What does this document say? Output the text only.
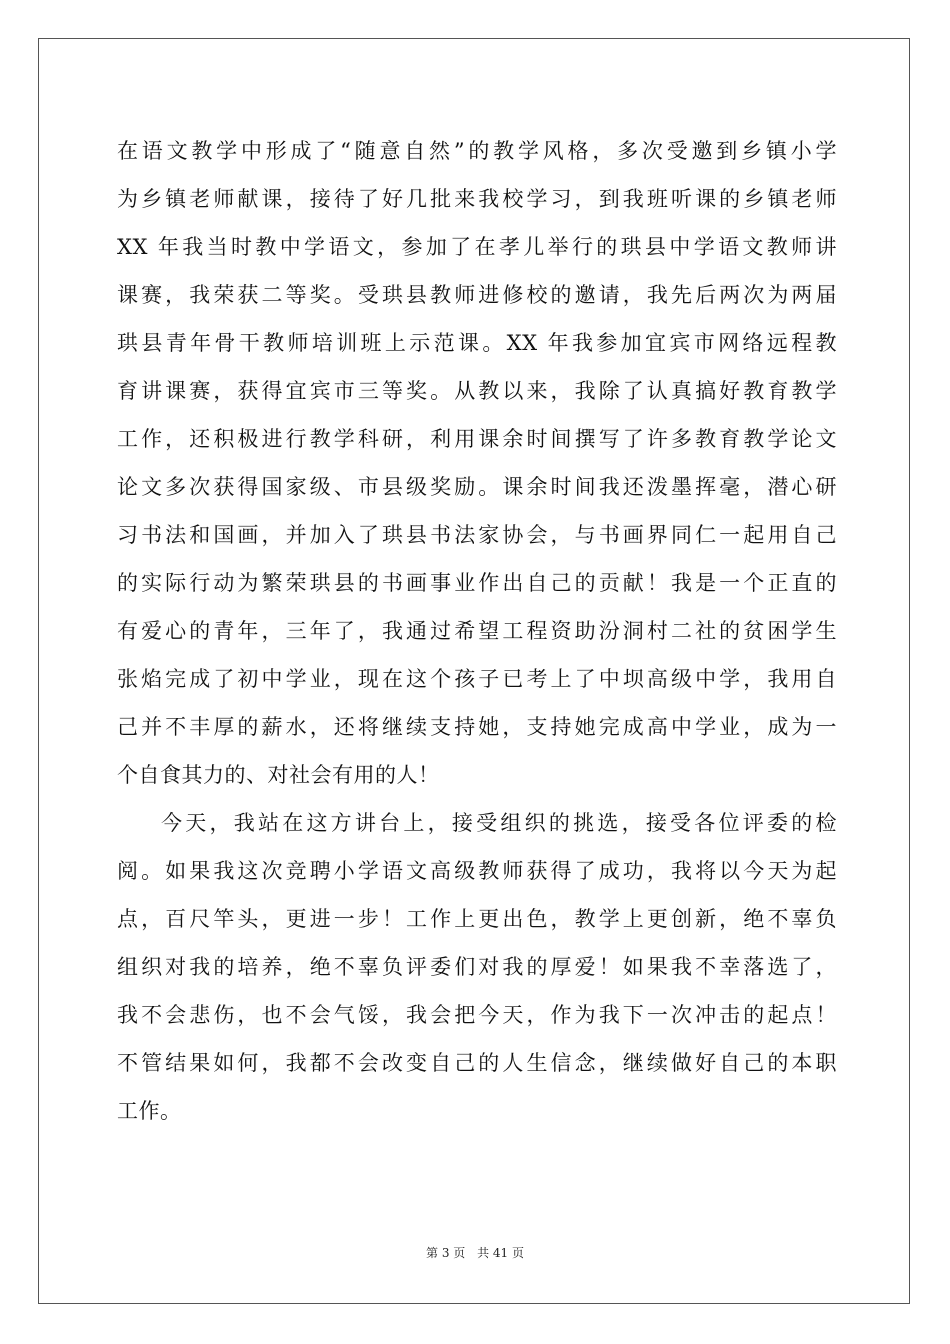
在语文教学中形成了“随意自然”的教学风格，多次受邀到乡镇小学
为乡镇老师献课，接待了好几批来我校学习，到我班听课的乡镇老师
XX 年我当时教中学语文，参加了在孝儿举行的珙县中学语文教师讲
课赛，我荣获二等奖。受珙县教师进修校的邀请，我先后两次为两届
珙县青年骨干教师培训班上示范课。XX 年我参加宜宾市网络远程教
育讲课赛，获得宜宾市三等奖。从教以来，我除了认真搞好教育教学
工作，还积极进行教学科研，利用课余时间撰写了许多教育教学论文
论文多次获得国家级、市县级奖励。课余时间我还泼墨挥毫，潜心研
习书法和国画，并加入了珙县书法家协会，与书画界同仁一起用自己
的实际行动为繁荣珙县的书画事业作出自己的贡献！我是一个正直的
有爱心的青年，三年了，我通过希望工程资助汾洞村二社的贫困学生
张焰完成了初中学业，现在这个孩子已考上了中坝高级中学，我用自
己并不丰厚的薪水，还将继续支持她，支持她完成高中学业，成为一
个自食其力的、对社会有用的人！
今天，我站在这方讲台上，接受组织的挑选，接受各位评委的检
阅。如果我这次竞聘小学语文高级教师获得了成功，我将以今天为起
点，百尺竿头，更进一步！工作上更出色，教学上更创新，绝不辜负
组织对我的培养，绝不辜负评委们对我的厚爱！如果我不幸落选了，
我不会悲伤，也不会气馁，我会把今天，作为我下一次冲击的起点！
不管结果如何，我都不会改变自己的人生信念，继续做好自己的本职
工作。
第 3 页 共 41 页
